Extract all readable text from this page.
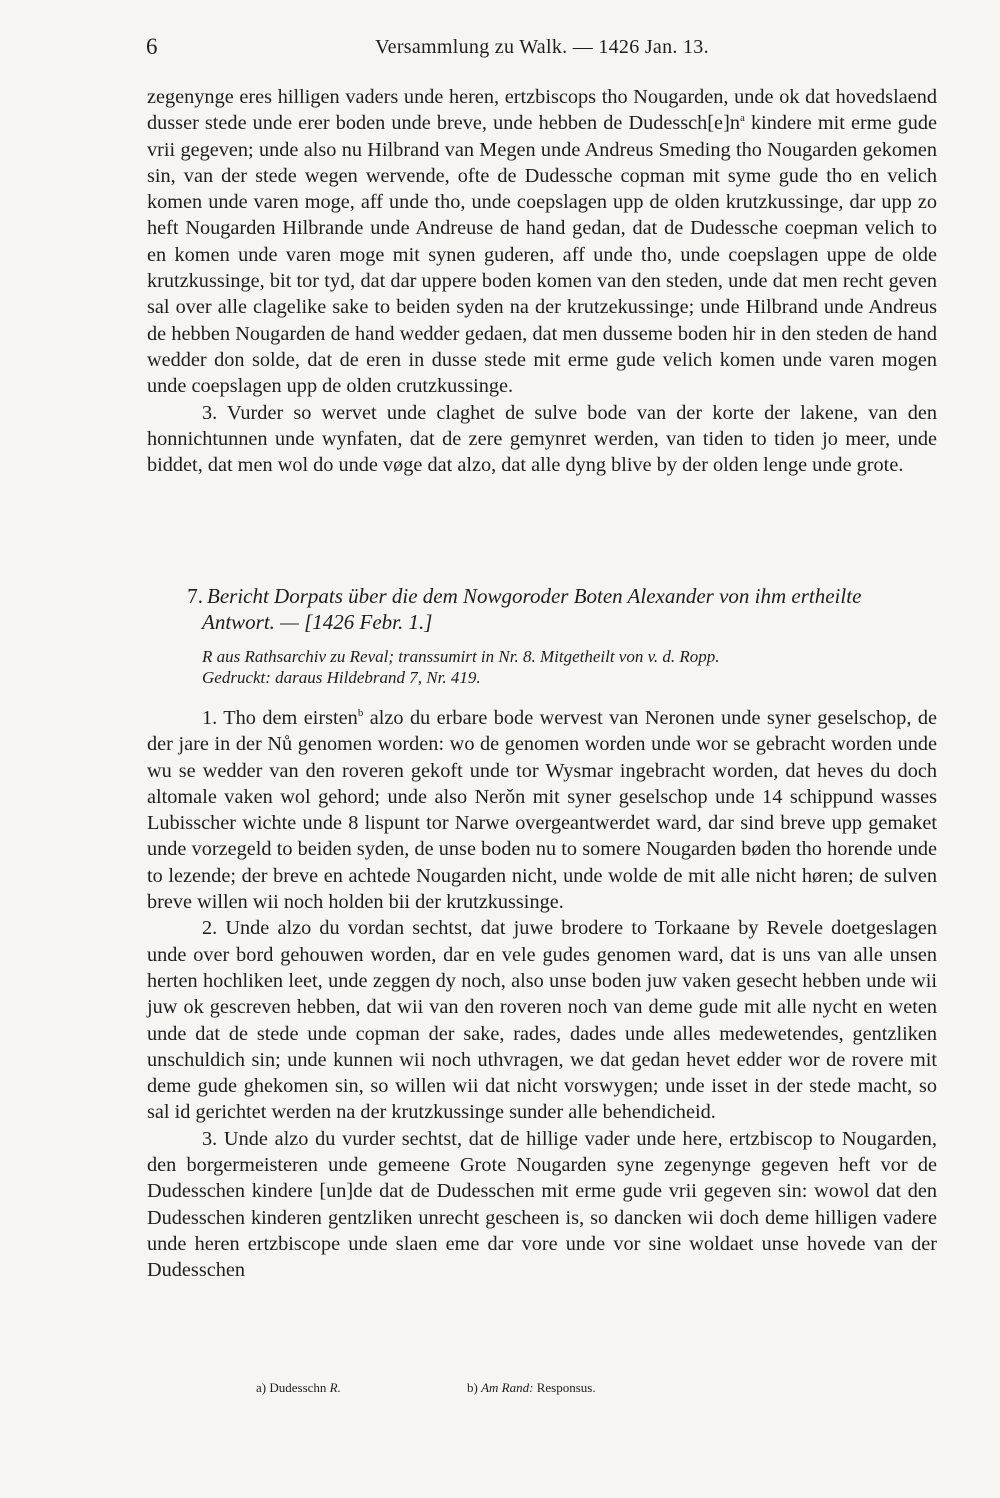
6	Versammlung zu Walk. — 1426 Jan. 13.

zegenynge eres hilligen vaders unde heren, ertzbiscops tho Nougarden, unde ok dat hovedslaend dusser stede unde erer boden unde breve, unde hebben de $Dudessch[e]n^a$ kindere mit erme gude vrii gegeven; unde also nu Hilbrand van Megen unde Andreus Smeding tho Nougarden gekomen sin, van der stede wegen wervende, ofte de Dudessche copman mit syme gude tho en velich komen unde varen moge, aff unde tho, unde coepslagen upp de olden krutzkussinge, dar upp zo heft Nougarden Hilbrande unde Andreuse de hand gedan, dat de Dudessche coepman velich to en komen unde varen moge mit synen guderen, aff unde tho, unde coepslagen uppe de olde krutzkussinge, bit tor tyd, dat dar uppere boden komen van den steden, unde dat men recht geven sal over alle clagelike sake to beiden syden na der krutzekussinge; unde Hilbrand unde Andreus de hebben Nougarden de hand wedder gedaen, dat men dusseme boden hir in den steden de hand wedder don solde, dat de eren in dusse stede mit erme gude velich komen unde varen mogen unde coepslagen upp de olden crutzkussinge.

3. Vurder so wervet unde claghet de sulve bode van der korte der lakene, van den honnichtunnen unde wynfaten, dat de zere gemynret werden, van tiden to tiden jo meer, unde biddet, dat men wol do unde vøge dat alzo, dat alle dyng blive by der olden lenge unde grote.

7. Bericht Dorpats über die dem Nowgoroder Boten Alexander von ihm ertheilte
Antwort. — [1426 Febr. 1.]
R aus Rathsarchiv zu Reval; transsumirt in Nr. 8. Mitgetheilt von v. d. Ropp.
Gedruckt: daraus Hildebrand 7, Nr. 419.

1. Tho dem eirsten$^b$ alzo du erbare bode wervest van Neronen unde syner geselschop, de der jare in der Nů genomen worden: wo de genomen worden unde wor se gebracht worden unde wu se wedder van den roveren gekoft unde tor Wysmar ingebracht worden, dat heves du doch altomale vaken wol gehord; unde also Nerǒn mit syner geselschop unde 14 schippund wasses Lubisscher wichte unde 8 lispunt tor Narwe overgeantwerdet ward, dar sind breve upp gemaket unde vorzegeld to beiden syden, de unse boden nu to somere Nougarden bøden tho horende unde to lezende; der breve en achtede Nougarden nicht, unde wolde de mit alle nicht høren; de sulven breve willen wii noch holden bii der krutzkussinge.

2. Unde alzo du vordan sechtst, dat juwe brodere to Torkaane by Revele doetgeslagen unde over bord gehouwen worden, dar en vele gudes genomen ward, dat is uns van alle unsen herten hochliken leet, unde zeggen dy noch, also unse boden juw vaken gesecht hebben unde wii juw ok gescreven hebben, dat wii van den roveren noch van deme gude mit alle nycht en weten unde dat de stede unde copman der sake, rades, dades unde alles medewetendes, gentzliken unschuldich sin; unde kunnen wii noch uthvragen, we dat gedan hevet edder wor de rovere mit deme gude ghekomen sin, so willen wii dat nicht vorswygen; unde isset in der stede macht, so sal id gerichtet werden na der krutzkussinge sunder alle behendicheid.

3. Unde alzo du vurder sechtst, dat de hillige vader unde here, ertzbiscop to Nougarden, den borgermeisteren unde gemeene Grote Nougarden syne zegenynge gegeven heft vor de Dudesschen kindere [un]de dat de Dudesschen mit erme gude vrii gegeven sin: wowol dat den Dudesschen kinderen gentzliken unrecht gescheen is, so dancken wii doch deme hilligen vadere unde heren ertzbiscope unde slaen eme dar vore unde vor sine woldaet unse hovede van der Dudesschen

a) Dudesschn R.	b) Am Rand: Responsus.
